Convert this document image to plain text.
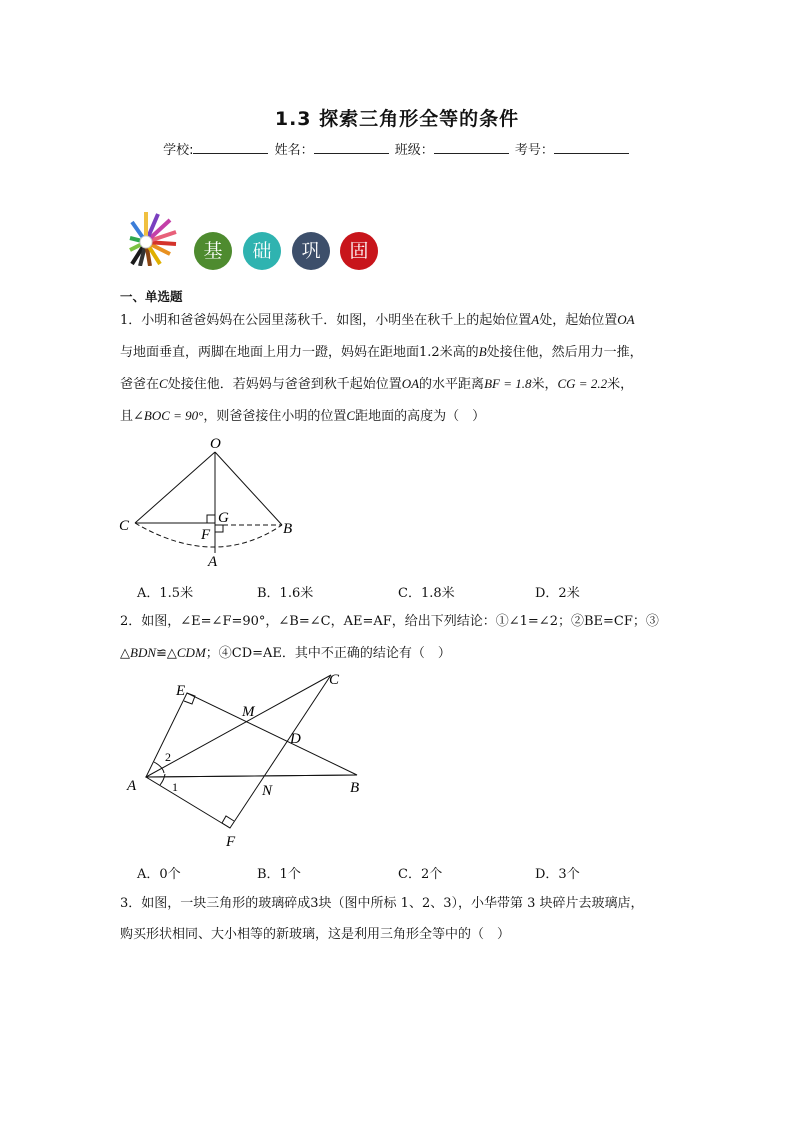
1.3 探索三角形全等的条件
学校:	姓名：	班级：	考号：
基	础	巩	固
一、单选题
1．小明和爸爸妈妈在公园里荡秋千．如图，小明坐在秋千上的起始位置A处，起始位置OA
与地面垂直，两脚在地面上用力一蹬，妈妈在距地面1.2米高的B处接住他，然后用力一推，
爸爸在C处接住他．若妈妈与爸爸到秋千起始位置OA的水平距离BF = 1.8米，CG = 2.2米，
且∠BOC = 90°，则爸爸接住小明的位置C距地面的高度为（　）
O
C	B
G
F
A
A．1.5米	B．1.6米	C．1.8米	D．2米
2．如图，∠E=∠F=90°，∠B=∠C，AE=AF，给出下列结论：①∠1=∠2；②BE=CF；③
△BDN≌△CDM；④CD=AE．其中不正确的结论有（　）
E
M
C
D
A	N	B
F
2
1
A．0个	B．1个	C．2个	D．3个
3．如图，一块三角形的玻璃碎成3块（图中所标 1、2、3），小华带第 3 块碎片去玻璃店，
购买形状相同、大小相等的新玻璃，这是利用三角形全等中的（　）
